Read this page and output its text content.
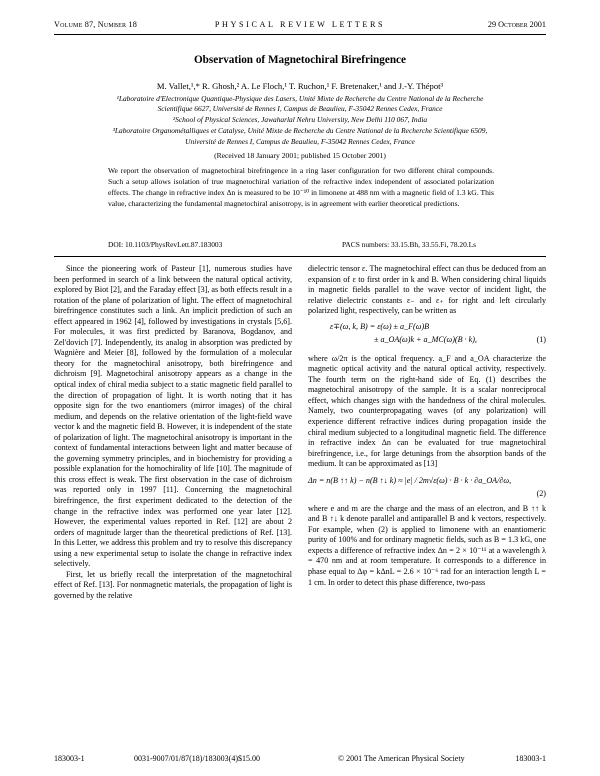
Volume 87, Number 18	PHYSICAL REVIEW LETTERS	29 October 2001
Observation of Magnetochiral Birefringence
M. Vallet,¹,* R. Ghosh,² A. Le Floch,¹ T. Ruchon,¹ F. Bretenaker,¹ and J.-Y. Thépot³
¹Laboratoire d'Electronique Quantique-Physique des Lasers, Unité Mixte de Recherche du Centre National de la Recherche
Scientifique 6627, Université de Rennes I, Campus de Beaulieu, F-35042 Rennes Cedex, France
²School of Physical Sciences, Jawaharlal Nehru University, New Delhi 110 067, India
³Laboratoire Organométalliques et Catalyse, Unité Mixte de Recherche du Centre National de la Recherche Scientifique 6509,
Université de Rennes I, Campus de Beaulieu, F-35042 Rennes Cedex, France
(Received 18 January 2001; published 15 October 2001)
We report the observation of magnetochiral birefringence in a ring laser configuration for two different chiral compounds. Such a setup allows isolation of true magnetochiral variation of the refractive index independent of associated polarization effects. The change in refractive index Δn is measured to be 10⁻¹⁰ in limonene at 488 nm with a magnetic field of 1.3 kG. This value, characterizing the fundamental magnetochiral anisotropy, is in agreement with earlier theoretical predictions.
DOI: 10.1103/PhysRevLett.87.183003	PACS numbers: 33.15.Bh, 33.55.Fi, 78.20.Ls

Since the pioneering work of Pasteur [1], numerous studies have been performed in search of a link between the natural optical activity, explored by Biot [2], and the Faraday effect [3], as both effects result in a rotation of the plane of polarization of light. The effect of magnetochiral birefringence constitutes such a link. An implicit prediction of such an effect appeared in 1962 [4], followed by investigations in crystals [5,6]. For molecules, it was first predicted by Baranova, Bogdanov, and Zel'dovich [7]. Independently, its analog in absorption was predicted by Wagnière and Meier [8], followed by the formulation of a molecular theory for the magnetochiral anisotropy, both birefringence and dichroism [9]. Magnetochiral anisotropy appears as a change in the optical index of chiral media subject to a static magnetic field parallel to the direction of propagation of light. It is worth noting that it has opposite sign for the two enantiomers (mirror images) of the chiral medium, and depends on the relative orientation of the light-field wave vector k and the magnetic field B. However, it is independent of the state of polarization of light. The magnetochiral anisotropy is important in the context of fundamental interactions between light and matter because of the governing symmetry principles, and in biochemistry for providing a possible explanation for the homochirality of life [10]. The magnitude of this cross effect is weak. The first observation in the case of dichroism was reported only in 1997 [11]. Concerning the magnetochiral birefringence, the first experiment dedicated to the detection of the change in the refractive index was performed one year later [12]. However, the experimental values reported in Ref. [12] are about 2 orders of magnitude larger than the theoretical predictions of Ref. [13]. In this Letter, we address this problem and try to resolve this discrepancy using a new experimental setup to isolate the change in refractive index selectively.

First, let us briefly recall the interpretation of the magnetochiral effect of Ref. [13]. For nonmagnetic materials, the propagation of light is governed by the relative

dielectric tensor ε. The magnetochiral effect can thus be deduced from an expansion of ε to first order in k and B. When considering chiral liquids in magnetic fields parallel to the wave vector of incident light, the relative dielectric constants ε₋ and ε₊ for right and left circularly polarized light, respectively, can be written as

ε∓(ω, k, B) = ε(ω) ± a_F(ω)B
± a_OA(ω)k + a_MC(ω)(B · k),	(1)

where ω/2π is the optical frequency. a_F and a_OA characterize the magnetic optical activity and the natural optical activity, respectively. The fourth term on the right-hand side of Eq. (1) describes the magnetochiral anisotropy of the sample. It is a scalar nonreciprocal effect, which changes sign with the handedness of the chiral molecules. Namely, two counterpropagating waves (of any polarization) will experience different refractive indices during propagation inside the chiral medium subjected to a longitudinal magnetic field. The difference in refractive index Δn can be evaluated for true magnetochiral birefringence, i.e., for large detunings from the absorption bands of the medium. It can be approximated as [13]

Δn = n(B ↑↑ k) − n(B ↑↓ k) ≈ |e| / 2m√ε(ω) · B · k · ∂a_OA/∂ω,
(2)

where e and m are the charge and the mass of an electron, and B ↑↑ k and B ↑↓ k denote parallel and antiparallel B and k vectors, respectively. For example, when (2) is applied to limonene with an enantiomeric purity of 100% and for ordinary magnetic fields, such as B = 1.3 kG, one expects a difference of refractive index Δn = 2 × 10⁻¹¹ at a wavelength λ = 470 nm and at room temperature. It corresponds to a difference in phase equal to Δφ = kΔnL = 2.6 × 10⁻⁶ rad for an interaction length L = 1 cm. In order to detect this phase difference, two-pass

183003-1	0031-9007/01/87(18)/183003(4)$15.00	© 2001 The American Physical Society	183003-1
